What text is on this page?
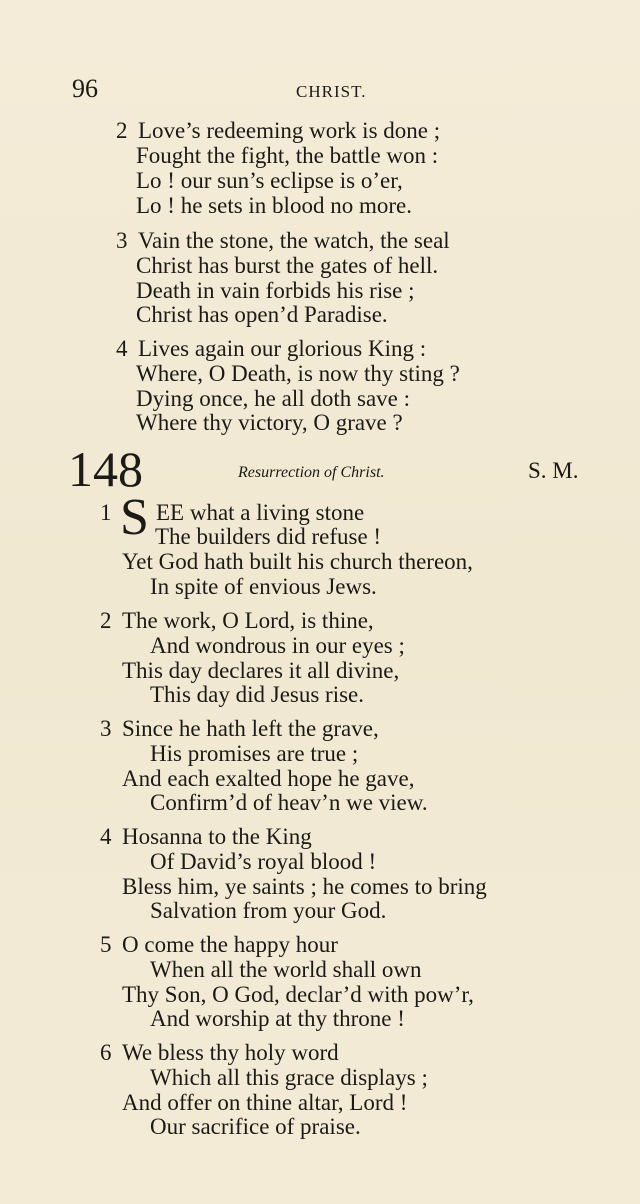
96	CHRIST.
2 Love’s redeeming work is done ;
Fought the fight, the battle won :
Lo ! our sun’s eclipse is o’er,
Lo ! he sets in blood no more.
3 Vain the stone, the watch, the seal
Christ has burst the gates of hell.
Death in vain forbids his rise ;
Christ has open’d Paradise.
4 Lives again our glorious King :
Where, O Death, is now thy sting ?
Dying once, he all doth save :
Where thy victory, O grave ?
148	Resurrection of Christ.	S. M.
1 S EE what a living stone
The builders did refuse !
Yet God hath built his church thereon,
In spite of envious Jews.
2 The work, O Lord, is thine,
And wondrous in our eyes ;
This day declares it all divine,
This day did Jesus rise.
3 Since he hath left the grave,
His promises are true ;
And each exalted hope he gave,
Confirm’d of heav’n we view.
4 Hosanna to the King
Of David’s royal blood !
Bless him, ye saints ; he comes to bring
Salvation from your God.
5 O come the happy hour
When all the world shall own
Thy Son, O God, declar’d with pow’r,
And worship at thy throne !
6 We bless thy holy word
Which all this grace displays ;
And offer on thine altar, Lord !
Our sacrifice of praise.
